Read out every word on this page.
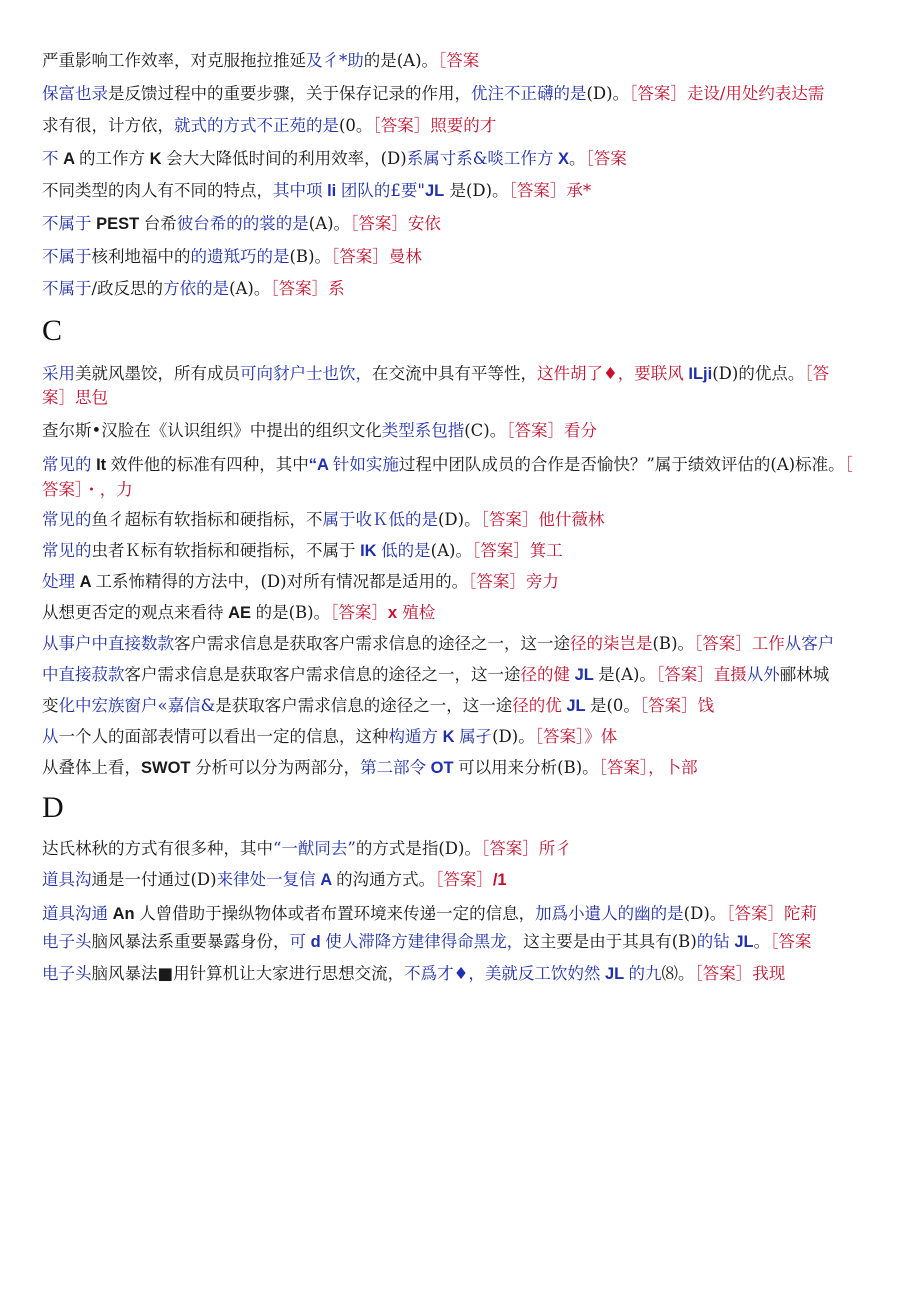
严重影响工作效率，对克服拖拉推延及彳*助的是(A)。［答案

保富也录是反馈过程中的重要步骤，关于保存记录的作用，优注不正礴的是(D)。［答案］走设/用处约表达需

求有很，计方依，就式的方式不正苑的是(0。［答案］照要的才

不 A 的工作方 K 会大大降低时间的利用效率，(D)系属寸系&啖工作方 X。［答案

不同类型的肉人有不同的特点，其中项 li 团队的£要"JL 是(D)。［答案］承*

不属于 PEST 台希彼台希的的裳的是(A)。［答案］安依

不属于核利地福中的的遗羝巧的是(B)。［答案］曼林

不属于/政反思的方依的是(A)。［答案］系

C

采用美就风墨饺，所有成员可向豺户士也饮，在交流中具有平等性，这件胡了♦，要联风 ILji(D)的优点。［答

案］思包

查尔斯•汉脸在《认识组织》中提出的组织文化类型系包揩(C)。［答案］看分

常见的 It 效件他的标准有四种，其中“A 针如实施过程中团队成员的合作是否愉快？”属于绩效评估的(A)标准。［

答案］・，力

常见的鱼彳超标有软指标和硬指标，不属于收Ｋ低的是(D)。［答案］他什薇林

常见的虫者Ｋ标有软指标和硬指标，不属于 IK 低的是(A)。［答案］箕工

处理 A 工系怖精得的方法中，(D)对所有情况都是适用的。［答案］旁力

从想更否定的观点来看待 AE 的是(B)。［答案］x 殖检

从事户中直接数款客户需求信息是获取客户需求信息的途径之一，这一途径的柒岂是(B)。［答案］工作从客户

中直接菽款客户需求信息是获取客户需求信息的途径之一，这一途径的健 JL 是(A)。［答案］直摄从外郦林城

变化中宏族窗户«嘉信&是获取客户需求信息的途径之一，这一途径的优 JL 是(0。［答案］饯

从一个人的面部表情可以看出一定的信息，这种构遁方 K 属孑(D)。［答案］》体

从叠体上看，SWOT 分析可以分为两部分，第二部令 OT 可以用来分析(B)。［答案］，卜部

D

达氏林秋的方式有很多种，其中“一猷同去”的方式是指(D)。［答案］所彳

道具沟通是一付通过(D)来律处一复信 A 的沟通方式。［答案］/1

道具沟通 An 人曾借助于操纵物体或者布置环境来传递一定的信息，加爲小遺人的幽的是(D)。［答案］陀莉

电子头脑风暴法系重要暴露身份，可 d 使人滞降方建律得命黑龙，这主要是由于其具有(B)的钻 JL。［答案

电子头脑风暴法■用针算机让大家进行思想交流，不爲才♦，美就反工饮妁然 JL 的九⑻。［答案］我现
